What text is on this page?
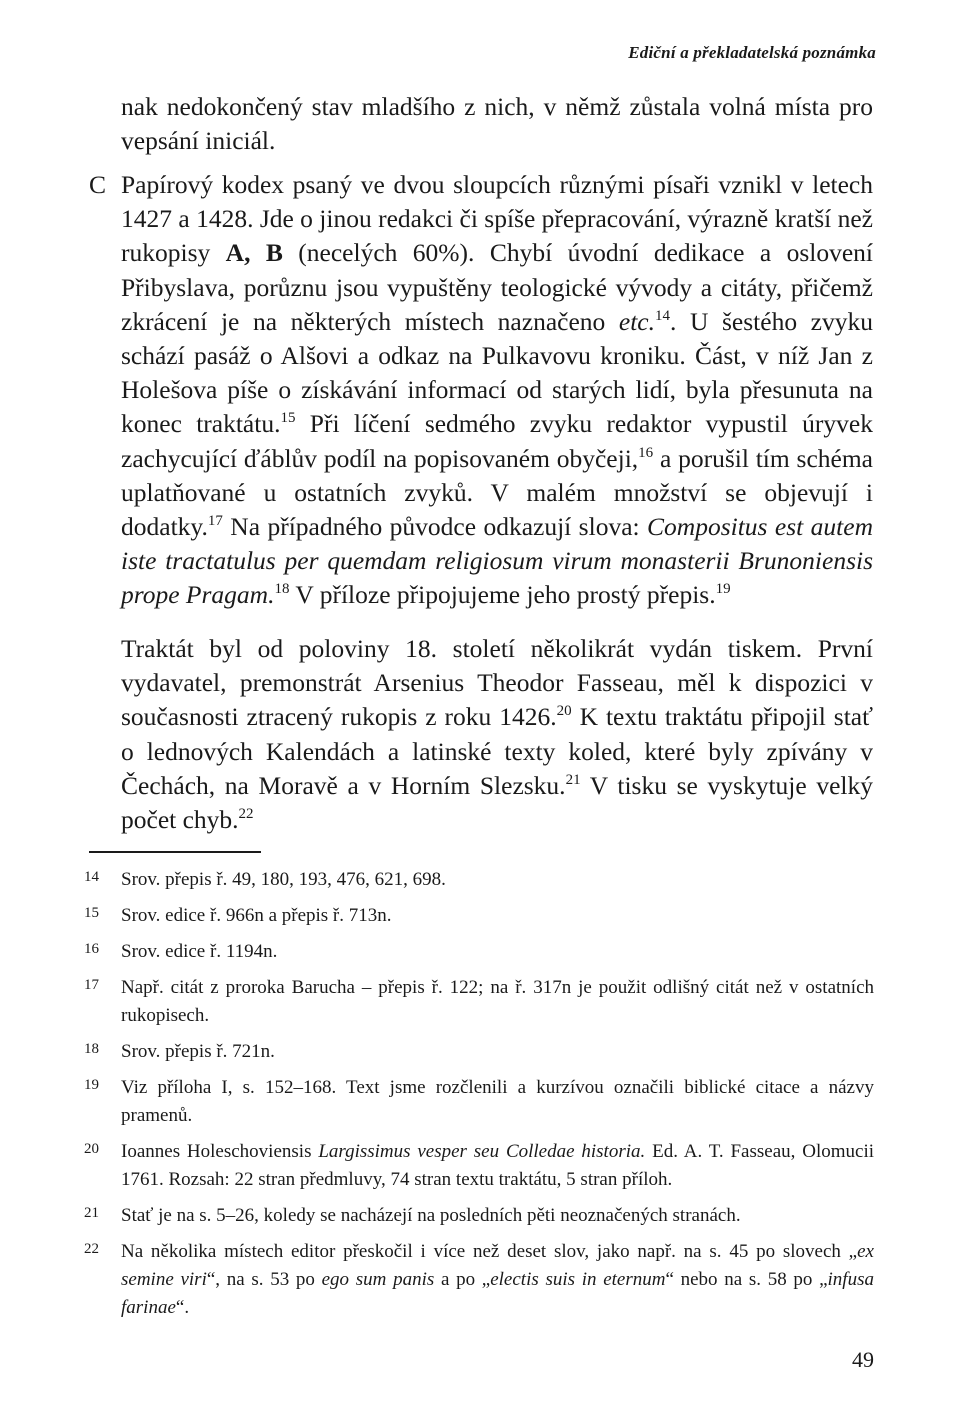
Ediční a překladatelská poznámka
nak nedokončený stav mladšího z nich, v němž zůstala volná místa pro vepsání iniciál.
C Papírový kodex psaný ve dvou sloupcích různými písaři vznikl v letech 1427 a 1428. Jde o jinou redakci či spíše přepracování, výrazně kratší než rukopisy A, B (necelých 60%). Chybí úvodní dedikace a oslovení Přibyslava, porůznu jsou vypuštěny teologické vývody a citáty, přičemž zkrácení je na některých místech naznačeno etc.$^{14}$. U šestého zvyku schází pasáž o Alšovi a odkaz na Pulkavovu kroniku. Část, v níž Jan z Holešova píše o získávání informací od starých lidí, byla přesunuta na konec traktátu.$^{15}$ Při líčení sedmého zvyku redaktor vypustil úryvek zachycující ďáblův podíl na popisovaném obyčeji,$^{16}$ a porušil tím schéma uplatňované u ostatních zvyků. V malém množství se objevují i dodatky.$^{17}$ Na případného původce odkazují slova: Compositus est autem iste tractatulus per quemdam religiosum virum monasterii Brunoniensis prope Pragam.$^{18}$ V příloze připojujeme jeho prostý přepis.$^{19}$
Traktát byl od poloviny 18. století několikrát vydán tiskem. První vydavatel, premonstrát Arsenius Theodor Fasseau, měl k dispozici v současnosti ztracený rukopis z roku 1426.20 K textu traktátu připojil stať o lednových Kalendách a latinské texty koled, které byly zpívány v Čechách, na Moravě a v Horním Slezsku.$^{21}$ V tisku se vyskytuje velký počet chyb.$^{22}$
14 Srov. přepis ř. 49, 180, 193, 476, 621, 698.
15 Srov. edice ř. 966n a přepis ř. 713n.
16 Srov. edice ř. 1194n.
17 Např. citát z proroka Barucha – přepis ř. 122; na ř. 317n je použit odlišný citát než v ostatních rukopisech.
18 Srov. přepis ř. 721n.
19 Viz příloha I, s. 152–168. Text jsme rozčlenili a kurzívou označili biblické citace a názvy pramenů.
20 Ioannes Holeschoviensis Largissimus vesper seu Colledae historia. Ed. A. T. Fasseau, Olomucii 1761. Rozsah: 22 stran předmluvy, 74 stran textu traktátu, 5 stran příloh.
21 Stať je na s. 5–26, koledy se nacházejí na posledních pěti neoznačených stranách.
22 Na několika místech editor přeskočil i více než deset slov, jako např. na s. 45 po slovech „ex semine viri“, na s. 53 po ego sum panis a po „electis suis in eternum“ nebo na s. 58 po „infusa farinae“.
49
